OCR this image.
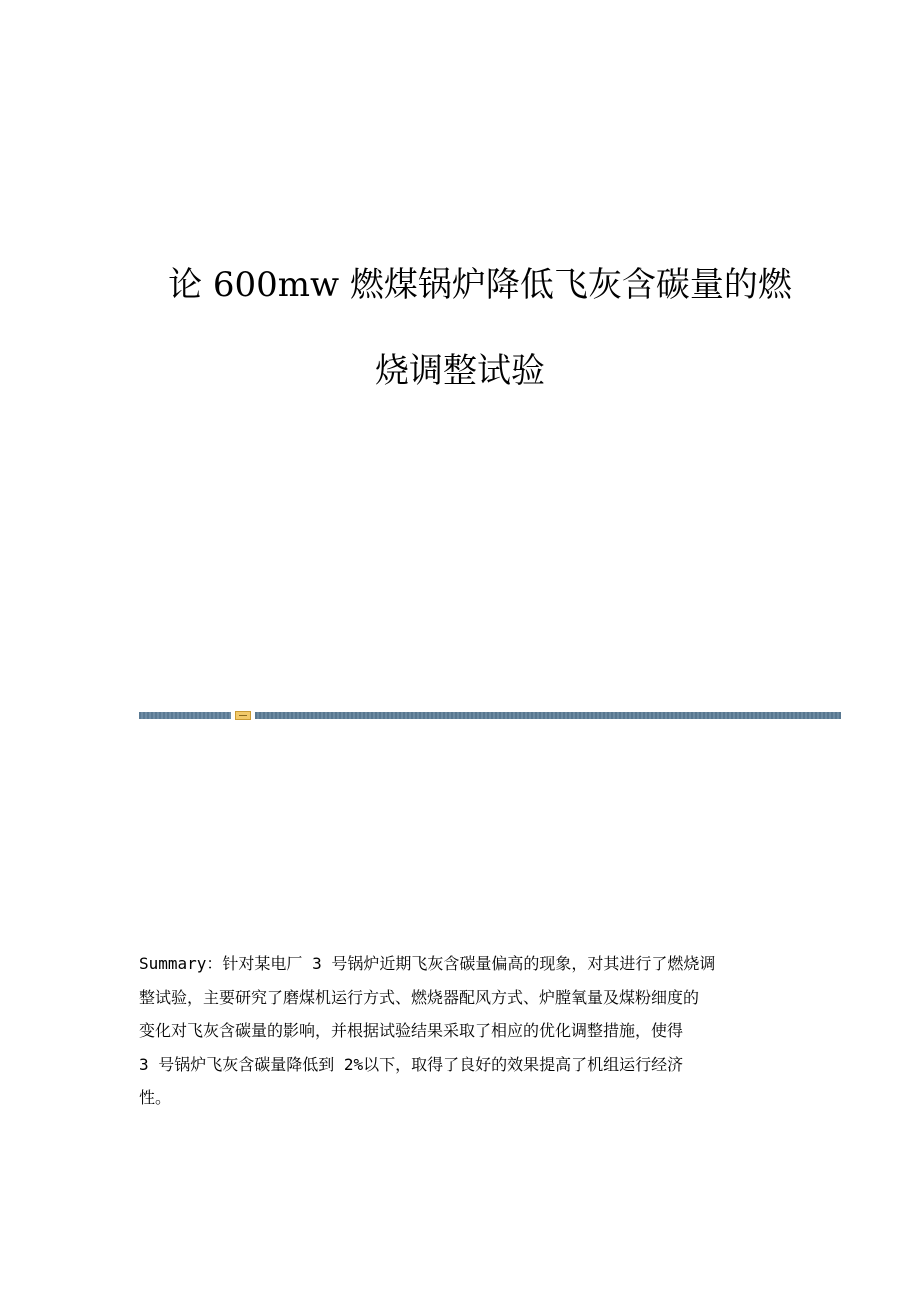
论 600mw 燃煤锅炉降低飞灰含碳量的燃
烧调整试验
Summary：针对某电厂 3 号锅炉近期飞灰含碳量偏高的现象，对其进行了燃烧调
整试验，主要研究了磨煤机运行方式、燃烧器配风方式、炉膛氧量及煤粉细度的
变化对飞灰含碳量的影响，并根据试验结果采取了相应的优化调整措施，使得
3 号锅炉飞灰含碳量降低到 2%以下，取得了良好的效果提高了机组运行经济
性。
